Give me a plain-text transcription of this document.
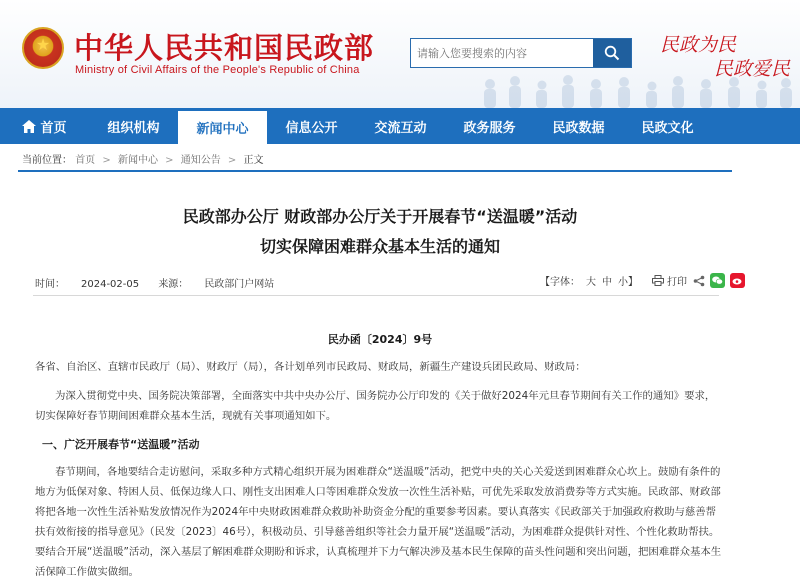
★
中华人民共和国民政部
Ministry of Civil Affairs of the People's Republic of China
请输入您要搜索的内容
民政为民
民政爱民
首页	组织机构	新闻中心	信息公开	交流互动	政务服务	民政数据	民政文化
当前位置： 首页 > 新闻中心 > 通知公告 > 正文
民政部办公厅 财政部办公厅关于开展春节“送温暖”活动
切实保障困难群众基本生活的通知
时间： 2024-02-05 来源： 民政部门户网站	【字体： 大 中 小 】	打印
民办函〔2024〕9号
各省、自治区、直辖市民政厅（局）、财政厅（局），各计划单列市民政局、财政局，新疆生产建设兵团民政局、财政局：
为深入贯彻党中央、国务院决策部署，全面落实中共中央办公厅、国务院办公厅印发的《关于做好2024年元旦春节期间有关工作的通知》要求，切实保障好春节期间困难群众基本生活，现就有关事项通知如下。
一、广泛开展春节“送温暖”活动
春节期间，各地要结合走访慰问，采取多种方式精心组织开展为困难群众“送温暖”活动，把党中央的关心关爱送到困难群众心坎上。鼓励有条件的地方为低保对象、特困人员、低保边缘人口、刚性支出困难人口等困难群众发放一次性生活补贴，可优先采取发放消费券等方式实施。民政部、财政部将把各地一次性生活补贴发放情况作为2024年中央财政困难群众救助补助资金分配的重要参考因素。要认真落实《民政部关于加强政府救助与慈善帮扶有效衔接的指导意见》（民发〔2023〕46号），积极动员、引导慈善组织等社会力量开展“送温暖”活动，为困难群众提供针对性、个性化救助帮扶。要结合开展“送温暖”活动，深入基层了解困难群众期盼和诉求，认真梳理并下力气解决涉及基本民生保障的苗头性问题和突出问题，把困难群众基本生活保障工作做实做细。
